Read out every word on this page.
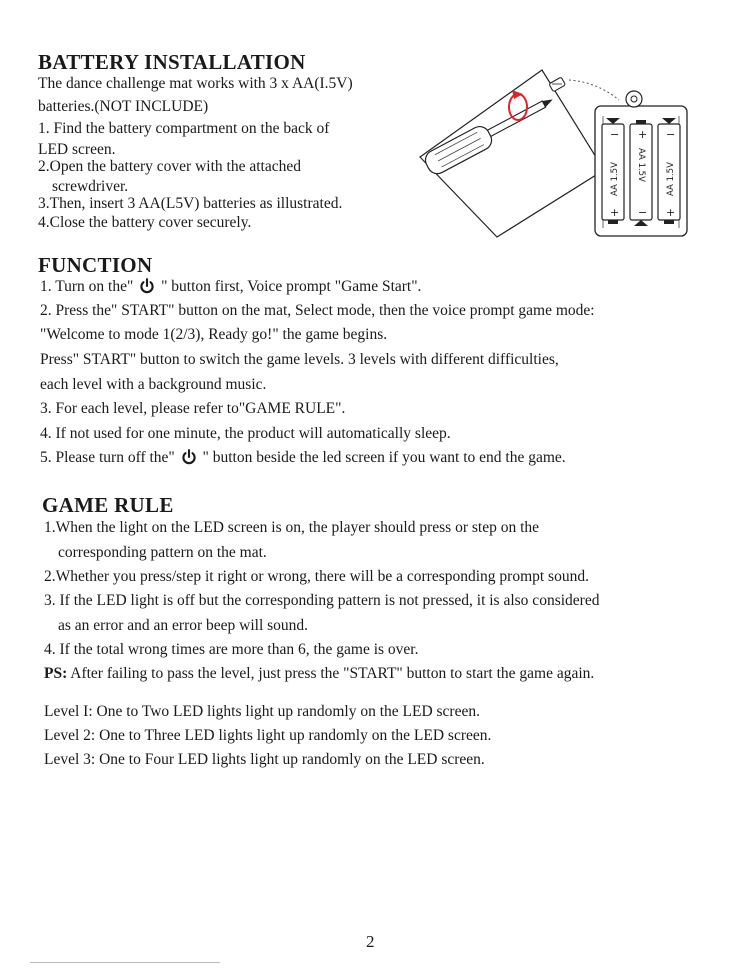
BATTERY INSTALLATION
The dance challenge mat works with 3 x AA(I.5V)
batteries.(NOT INCLUDE)
1. Find the battery compartment on the back of
LED screen.
2.Open the battery cover with the attached
screwdriver.
3.Then, insert 3 AA(L5V) batteries as illustrated.
4.Close the battery cover securely.
+
−
AA 1.5V
+
−
AA 1.5V
+
−
AA 1.5V
FUNCTION
1. Turn on the" " button first, Voice prompt "Game Start".
2. Press the" START" button on the mat, Select mode, then the voice prompt game mode:
"Welcome to mode 1(2/3), Ready go!" the game begins.
Press" START" button to switch the game levels. 3 levels with different difficulties,
each level with a background music.
3. For each level, please refer to"GAME RULE".
4. If not used for one minute, the product will automatically sleep.
5. Please turn off the" " button beside the led screen if you want to end the game.
GAME RULE
1.When the light on the LED screen is on, the player should press or step on the
corresponding pattern on the mat.
2.Whether you press/step it right or wrong, there will be a corresponding prompt sound.
3. If the LED light is off but the corresponding pattern is not pressed, it is also considered
as an error and an error beep will sound.
4. If the total wrong times are more than 6, the game is over.
PS: After failing to pass the level, just press the "START" button to start the game again.
Level I: One to Two LED lights light up randomly on the LED screen.
Level 2: One to Three LED lights light up randomly on the LED screen.
Level 3: One to Four LED lights light up randomly on the LED screen.
2
